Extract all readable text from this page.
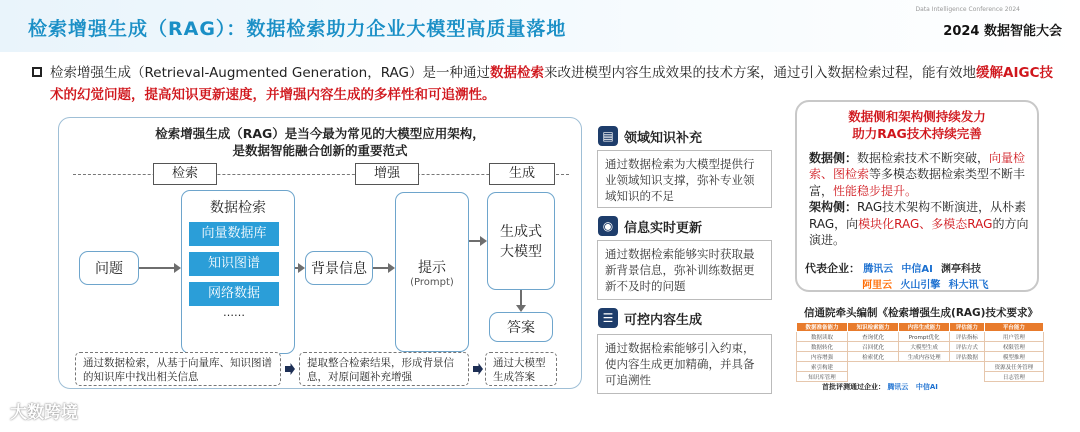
检索增强生成（RAG）：数据检索助力企业大模型高质量落地
Data Intelligence Conference 2024
2024 数据智能大会
检索增强生成（Retrieval-Augmented Generation，RAG）是一种通过数据检索来改进模型内容生成效果的技术方案，通过引入数据检索过程，能有效地缓解AIGC技术的幻觉问题，提高知识更新速度，并增强内容生成的多样性和可追溯性。
检索增强生成（RAG）是当今最为常见的大模型应用架构，
是数据智能融合创新的重要范式
检索	增强	生成
问题
数据检索
向量数据库
知识图谱
网络数据
……
背景信息	提示
(Prompt)
生成式
大模型
答案
通过数据检索，从基于向量库、知识图谱的知识库中找出相关信息
提取整合检索结果，形成背景信息，对原问题补充增强
通过大模型生成答案
▤ 领域知识补充
通过数据检索为大模型提供行业领域知识支撑，弥补专业领域知识的不足
◉ 信息实时更新
通过数据检索能够实时获取最新背景信息，弥补训练数据更新不及时的问题
☰ 可控内容生成
通过数据检索能够引入约束，使内容生成更加精确，并具备可追溯性
数据侧和架构侧持续发力
助力RAG技术持续完善
数据侧：数据检索技术不断突破，向量检索、图检索等多模态数据检索类型不断丰富，性能稳步提升。
架构侧：RAG技术架构不断演进，从朴素RAG，向模块化RAG、多模态RAG的方向演进。
代表企业： 腾讯云 中信AI 渊亭科技
阿里云 火山引擎 科大讯飞
信通院牵头编制《检索增强生成(RAG)技术要求》
数据准备能力	知识检索能力	内容生成能力	评估能力	平台能力
数据读取	查询优化	Prompt优化	评估指标	用户管理
数据转化	召回优化	大模型生成	评估方式	权限管理
内容增强	检索优化	生成内容处理	评估数据	模型推理
索引构建				资源及任务管理
知识库管理				日志管理
首批评测通过企业： 腾讯云 中信AI
大数跨境
